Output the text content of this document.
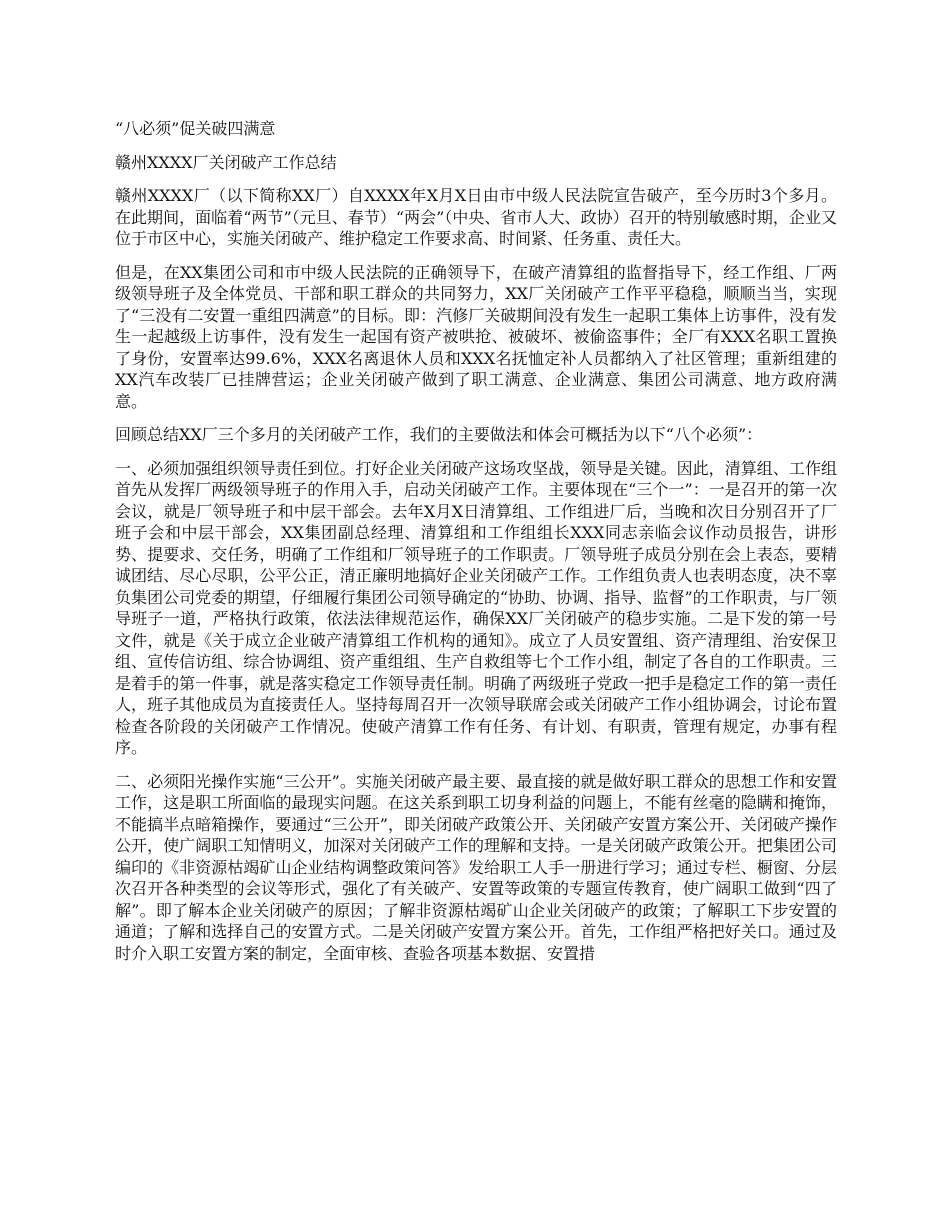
“八必须”促关破四满意

赣州XXXX厂关闭破产工作总结

赣州XXXX厂（以下简称XX厂）自XXXX年X月X日由市中级人民法院宣告破产，至今历时3个多月。在此期间，面临着“两节”（元旦、春节）“两会”（中央、省市人大、政协）召开的特别敏感时期，企业又位于市区中心，实施关闭破产、维护稳定工作要求高、时间紧、任务重、责任大。

但是，在XX集团公司和市中级人民法院的正确领导下，在破产清算组的监督指导下，经工作组、厂两级领导班子及全体党员、干部和职工群众的共同努力，XX厂关闭破产工作平平稳稳，顺顺当当，实现了“三没有二安置一重组四满意”的目标。即：汽修厂关破期间没有发生一起职工集体上访事件，没有发生一起越级上访事件，没有发生一起国有资产被哄抢、被破坏、被偷盗事件；全厂有XXX名职工置换了身份，安置率达99.6%，XXX名离退休人员和XXX名抚恤定补人员都纳入了社区管理；重新组建的XX汽车改装厂已挂牌营运；企业关闭破产做到了职工满意、企业满意、集团公司满意、地方政府满意。

回顾总结XX厂三个多月的关闭破产工作，我们的主要做法和体会可概括为以下“八个必须”：

一、必须加强组织领导责任到位。打好企业关闭破产这场攻坚战，领导是关键。因此，清算组、工作组首先从发挥厂两级领导班子的作用入手，启动关闭破产工作。主要体现在“三个一”：一是召开的第一次会议，就是厂领导班子和中层干部会。去年X月X日清算组、工作组进厂后，当晚和次日分别召开了厂班子会和中层干部会，XX集团副总经理、清算组和工作组组长XXX同志亲临会议作动员报告，讲形势、提要求、交任务，明确了工作组和厂领导班子的工作职责。厂领导班子成员分别在会上表态，要精诚团结、尽心尽职，公平公正，清正廉明地搞好企业关闭破产工作。工作组负责人也表明态度，决不辜负集团公司党委的期望，仔细履行集团公司领导确定的“协助、协调、指导、监督”的工作职责，与厂领导班子一道，严格执行政策，依法法律规范运作，确保XX厂关闭破产的稳步实施。二是下发的第一号文件，就是《关于成立企业破产清算组工作机构的通知》。成立了人员安置组、资产清理组、治安保卫组、宣传信访组、综合协调组、资产重组组、生产自救组等七个工作小组，制定了各自的工作职责。三是着手的第一件事，就是落实稳定工作领导责任制。明确了两级班子党政一把手是稳定工作的第一责任人，班子其他成员为直接责任人。坚持每周召开一次领导联席会或关闭破产工作小组协调会，讨论布置检查各阶段的关闭破产工作情况。使破产清算工作有任务、有计划、有职责，管理有规定，办事有程序。

二、必须阳光操作实施“三公开”。实施关闭破产最主要、最直接的就是做好职工群众的思想工作和安置工作，这是职工所面临的最现实问题。在这关系到职工切身利益的问题上，不能有丝毫的隐瞒和掩饰，不能搞半点暗箱操作，要通过“三公开”，即关闭破产政策公开、关闭破产安置方案公开、关闭破产操作公开，使广阔职工知情明义，加深对关闭破产工作的理解和支持。一是关闭破产政策公开。把集团公司编印的《非资源枯竭矿山企业结构调整政策问答》发给职工人手一册进行学习；通过专栏、橱窗、分层次召开各种类型的会议等形式，强化了有关破产、安置等政策的专题宣传教育，使广阔职工做到“四了解”。即了解本企业关闭破产的原因；了解非资源枯竭矿山企业关闭破产的政策；了解职工下步安置的通道；了解和选择自己的安置方式。二是关闭破产安置方案公开。首先，工作组严格把好关口。通过及时介入职工安置方案的制定，全面审核、查验各项基本数据、安置措
